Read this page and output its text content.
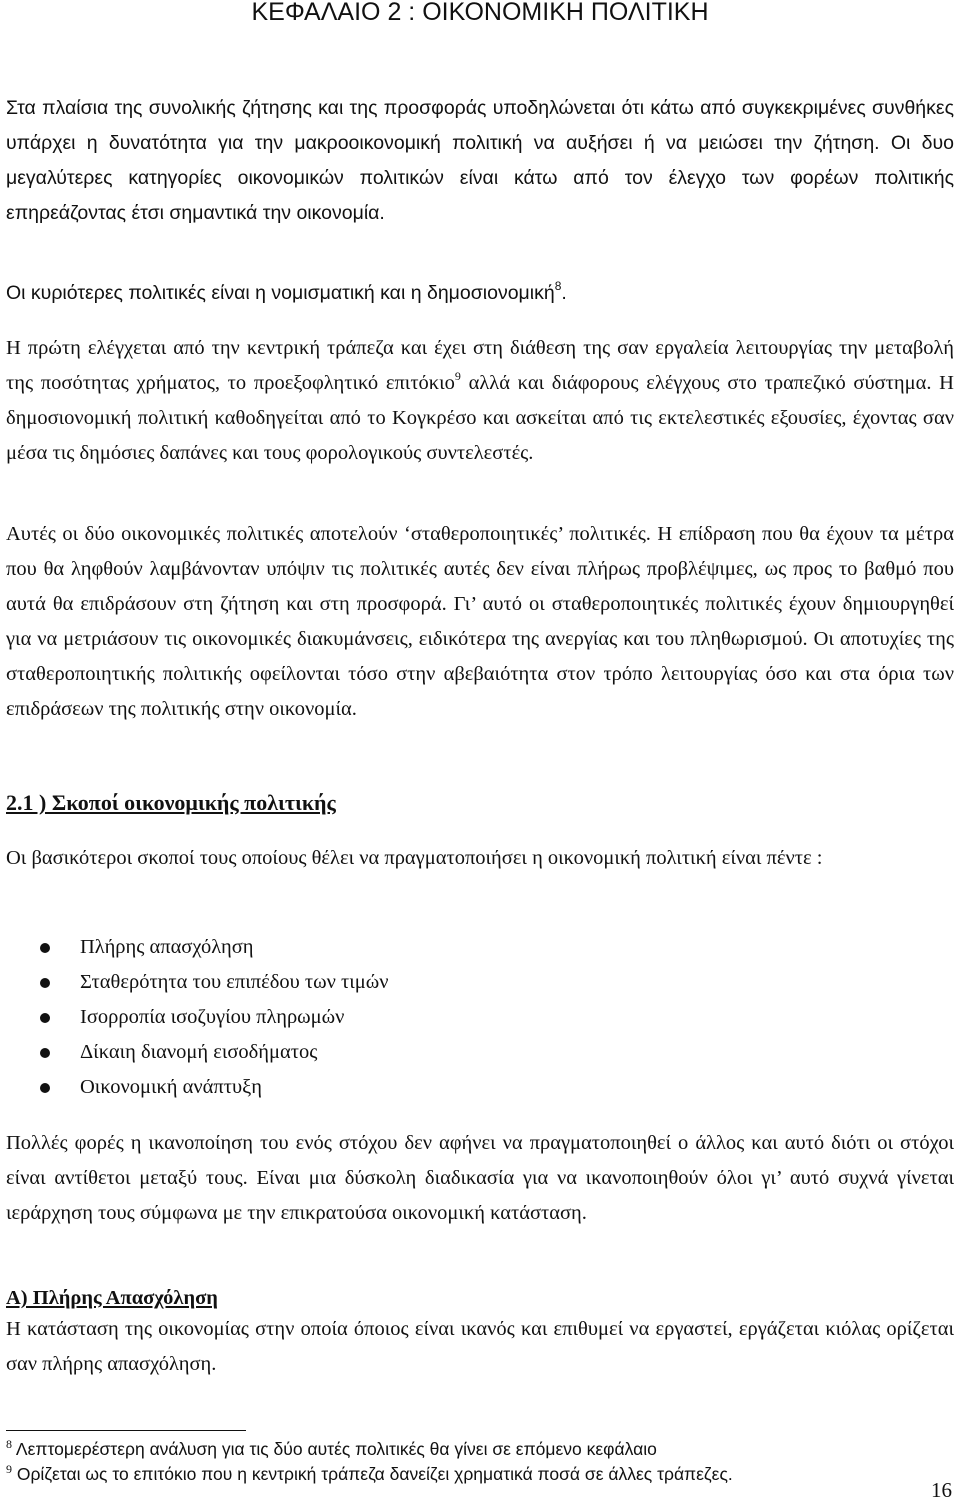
ΚΕΦΑΛΑΙΟ 2 : ΟΙΚΟΝΟΜΙΚΗ ΠΟΛΙΤΙΚΗ

Στα πλαίσια της συνολικής ζήτησης και της προσφοράς υποδηλώνεται ότι κάτω από συγκεκριμένες συνθήκες υπάρχει η δυνατότητα για την μακροοικονομική πολιτική να αυξήσει ή να μειώσει την ζήτηση. Οι δυο μεγαλύτερες κατηγορίες οικονομικών πολιτικών είναι κάτω από τον έλεγχο των φορέων πολιτικής επηρεάζοντας έτσι σημαντικά την οικονομία.

Οι κυριότερες πολιτικές είναι η νομισματική και η δημοσιονομική$^8$.

Η πρώτη ελέγχεται από την κεντρική τράπεζα και έχει στη διάθεση της σαν εργαλεία λειτουργίας την μεταβολή της ποσότητας χρήματος, το προεξοφλητικό επιτόκιο$^9$ αλλά και διάφορους ελέγχους στο τραπεζικό σύστημα. Η δημοσιονομική πολιτική καθοδηγείται από το Κογκρέσο και ασκείται από τις εκτελεστικές εξουσίες, έχοντας σαν μέσα τις δημόσιες δαπάνες και τους φορολογικούς συντελεστές.

Αυτές οι δύο οικονομικές πολιτικές αποτελούν ‘σταθεροποιητικές’ πολιτικές. Η επίδραση που θα έχουν τα μέτρα που θα ληφθούν λαμβάνονταν υπόψιν τις πολιτικές αυτές δεν είναι πλήρως προβλέψιμες, ως προς το βαθμό που αυτά θα επιδράσουν στη ζήτηση και στη προσφορά. Γι’ αυτό οι σταθεροποιητικές πολιτικές έχουν δημιουργηθεί για να μετριάσουν τις οικονομικές διακυμάνσεις, ειδικότερα της ανεργίας και του πληθωρισμού. Οι αποτυχίες της σταθεροποιητικής πολιτικής οφείλονται τόσο στην αβεβαιότητα στον τρόπο λειτουργίας όσο και στα όρια των επιδράσεων της πολιτικής στην οικονομία.

2.1 ) Σκοποί οικονομικής πολιτικής

Οι βασικότεροι σκοποί τους οποίους θέλει να πραγματοποιήσει η οικονομική πολιτική είναι πέντε :

Πλήρης απασχόληση
Σταθερότητα του επιπέδου των τιμών
Ισορροπία ισοζυγίου πληρωμών
Δίκαιη διανομή εισοδήματος
Οικονομική ανάπτυξη

Πολλές φορές η ικανοποίηση του ενός στόχου δεν αφήνει να πραγματοποιηθεί ο άλλος και αυτό διότι οι στόχοι είναι αντίθετοι μεταξύ τους. Είναι μια δύσκολη διαδικασία για να ικανοποιηθούν όλοι γι’ αυτό συχνά γίνεται ιεράρχηση τους σύμφωνα με την επικρατούσα οικονομική κατάσταση.

Α) Πλήρης Απασχόληση

Η κατάσταση της οικονομίας στην οποία όποιος είναι ικανός και επιθυμεί να εργαστεί, εργάζεται κιόλας ορίζεται σαν πλήρης απασχόληση.

$^8$ Λεπτομερέστερη ανάλυση για τις δύο αυτές πολιτικές θα γίνει σε επόμενο κεφάλαιο

$^9$ Ορίζεται ως το επιτόκιο που η κεντρική τράπεζα δανείζει χρηματικά ποσά σε άλλες τράπεζες.

16
